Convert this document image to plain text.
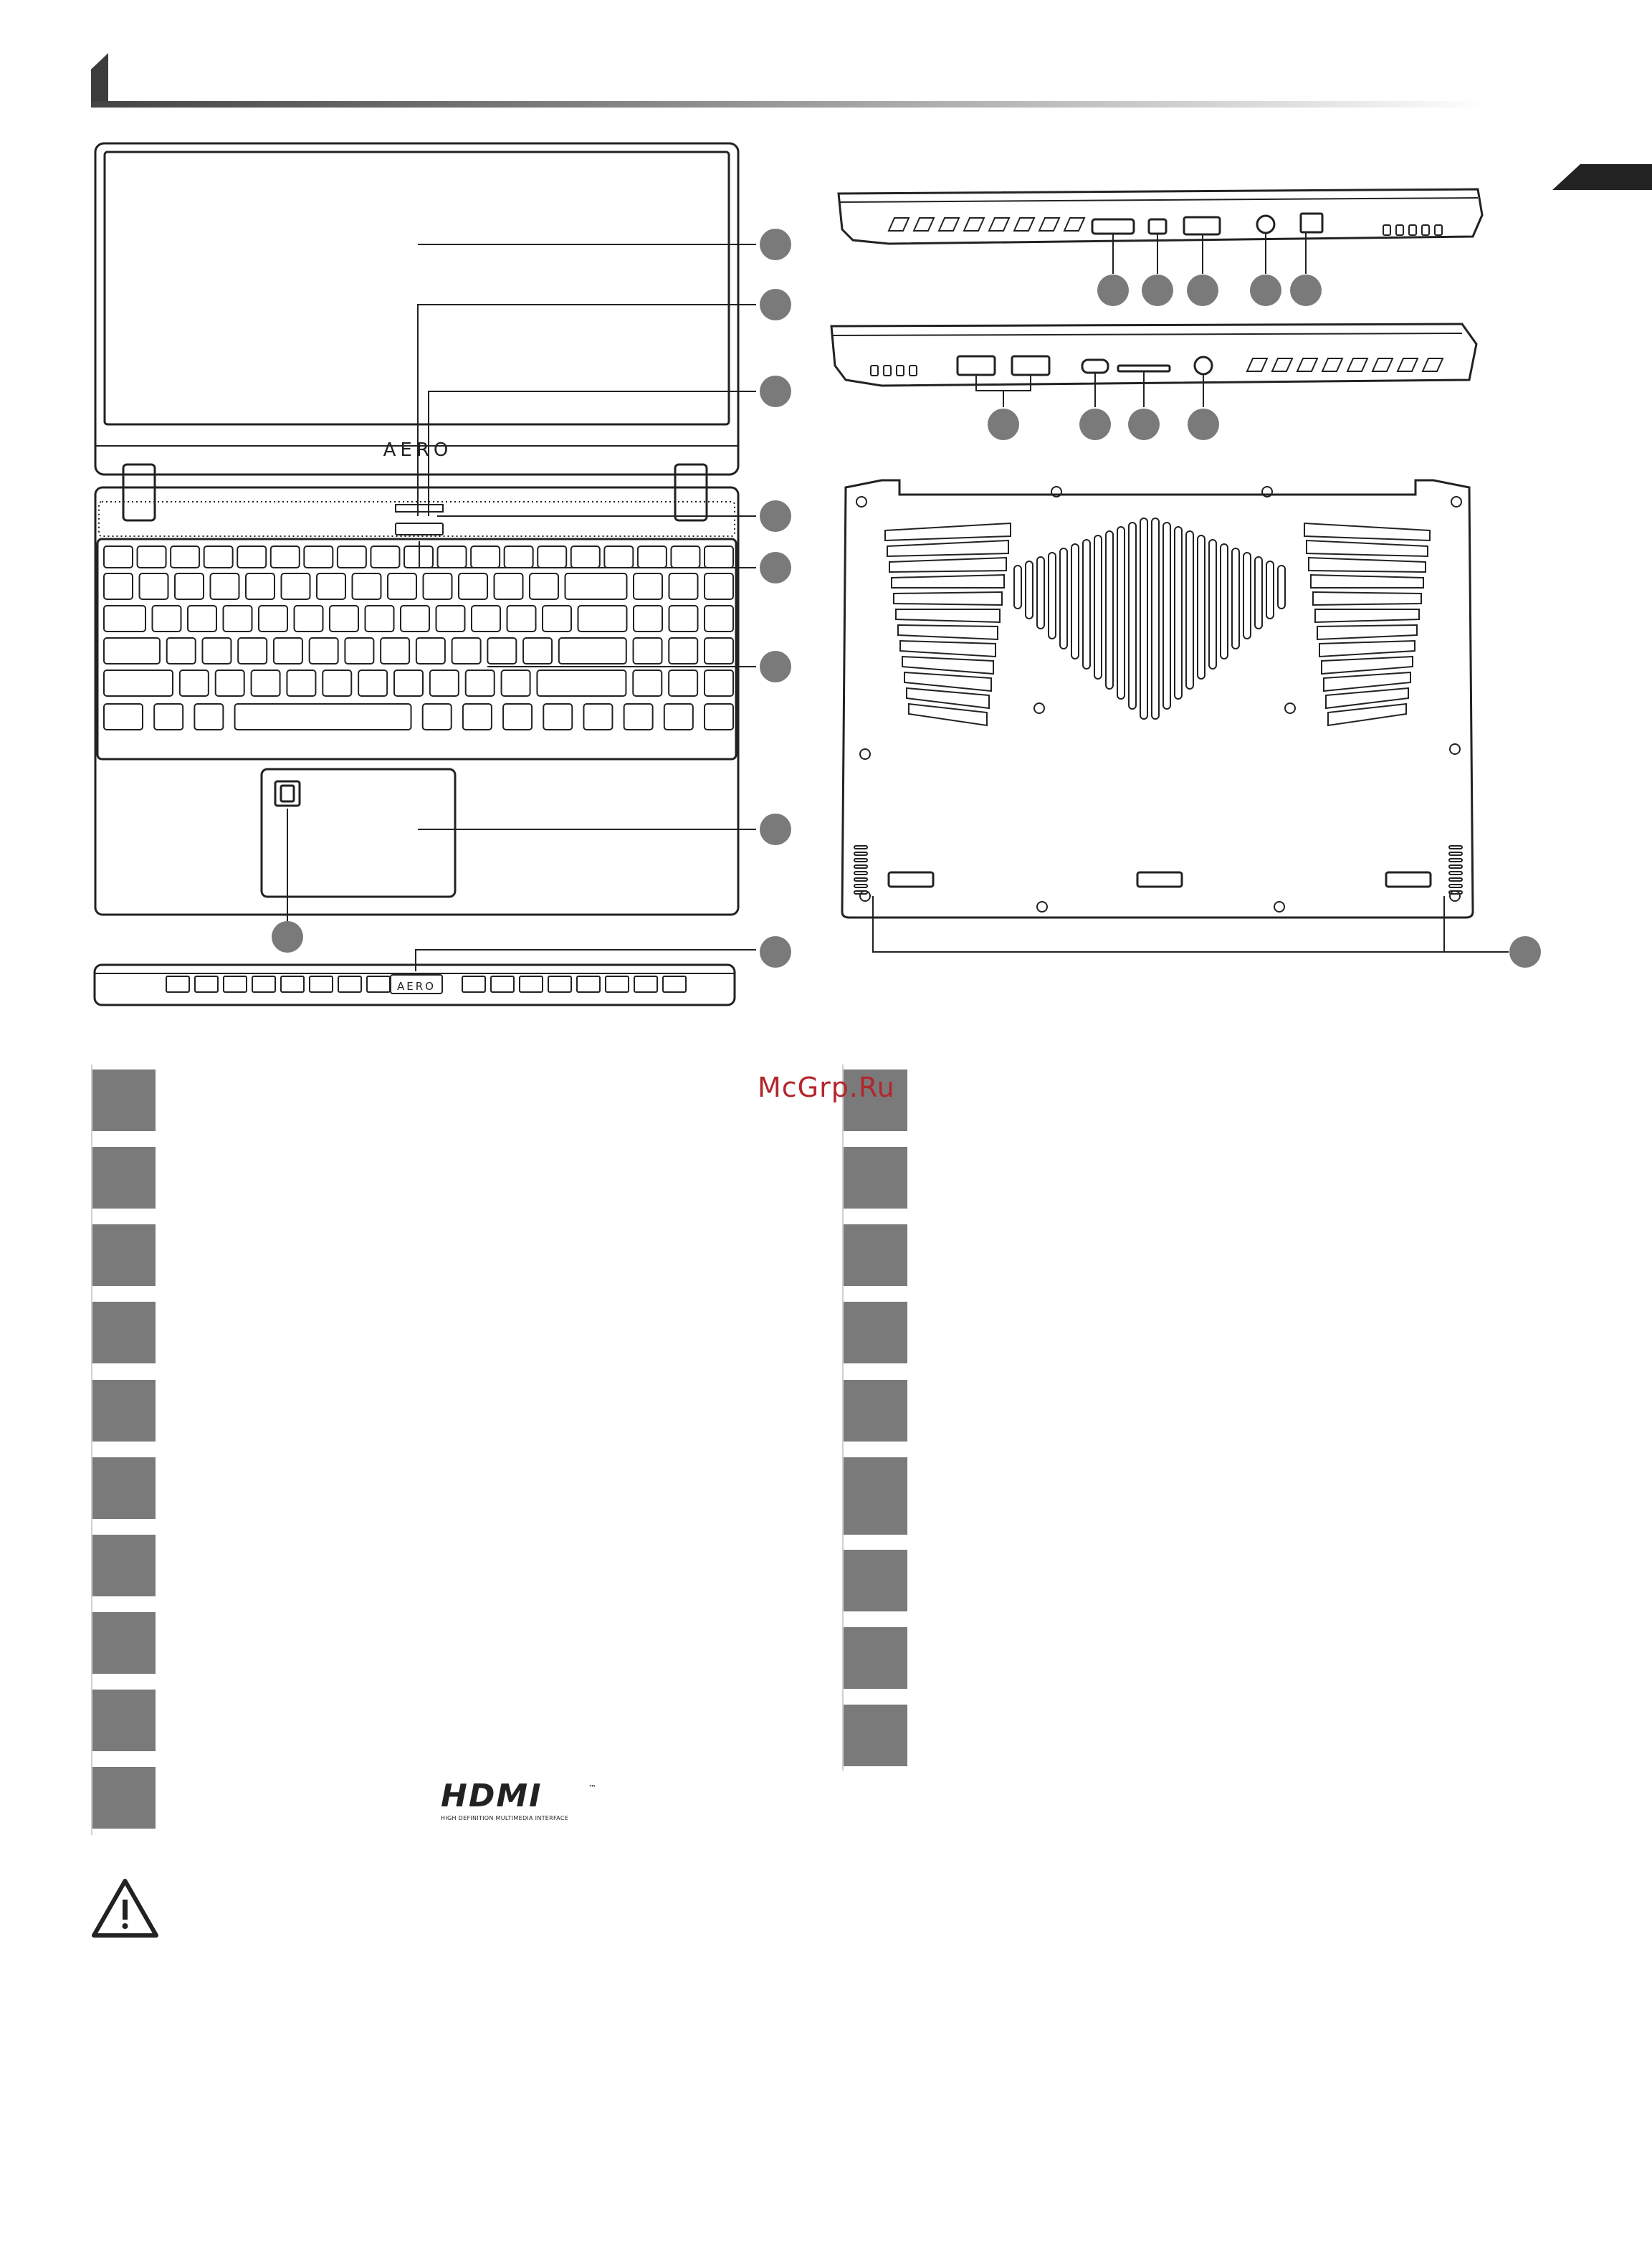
AERO
AERO
McGrp.Ru
HDMI	™
HIGH DEFINITION MULTIMEDIA INTERFACE
